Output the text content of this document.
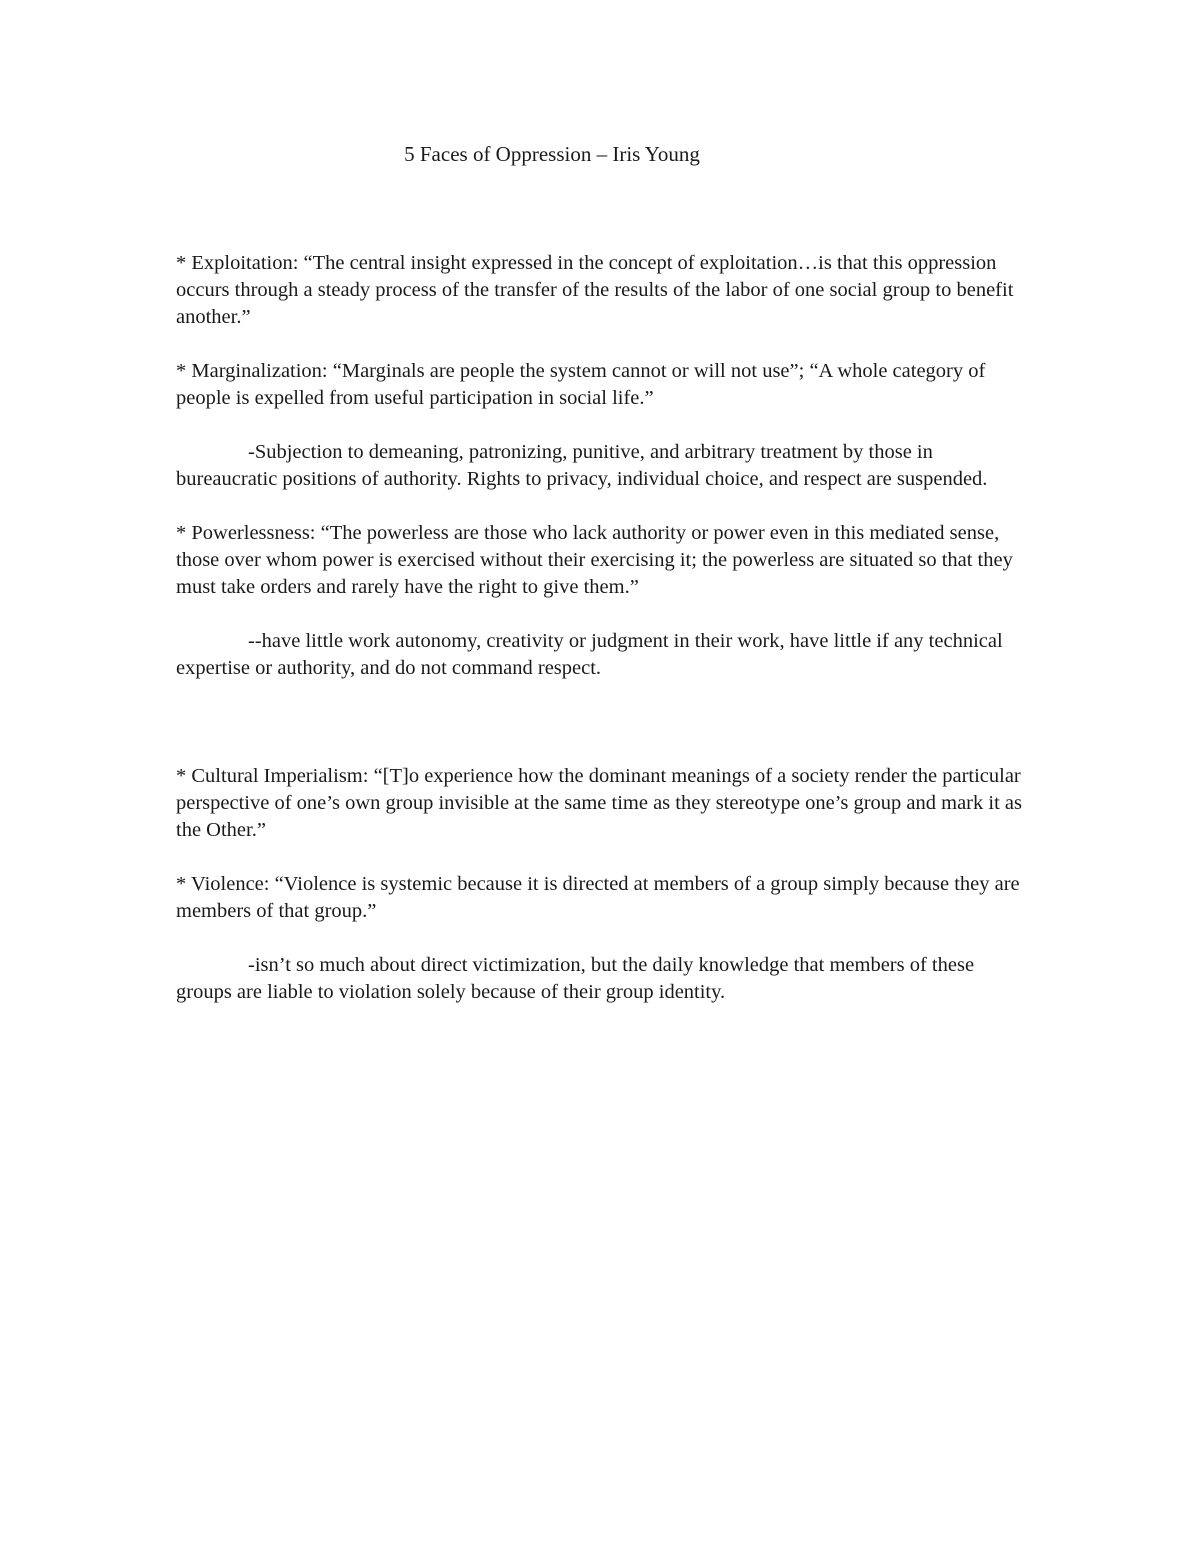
5 Faces of Oppression – Iris Young

* Exploitation: “The central insight expressed in the concept of exploitation…is that this oppression occurs through a steady process of the transfer of the results of the labor of one social group to benefit another.”

* Marginalization: “Marginals are people the system cannot or will not use”; “A whole category of people is expelled from useful participation in social life.”

-Subjection to demeaning, patronizing, punitive, and arbitrary treatment by those in bureaucratic positions of authority. Rights to privacy, individual choice, and respect are suspended.

* Powerlessness: “The powerless are those who lack authority or power even in this mediated sense, those over whom power is exercised without their exercising it; the powerless are situated so that they must take orders and rarely have the right to give them.”

--have little work autonomy, creativity or judgment in their work, have little if any technical expertise or authority, and do not command respect.

* Cultural Imperialism: “[T]o experience how the dominant meanings of a society render the particular perspective of one’s own group invisible at the same time as they stereotype one’s group and mark it as the Other.”

* Violence: “Violence is systemic because it is directed at members of a group simply because they are members of that group.”

-isn’t so much about direct victimization, but the daily knowledge that members of these groups are liable to violation solely because of their group identity.
